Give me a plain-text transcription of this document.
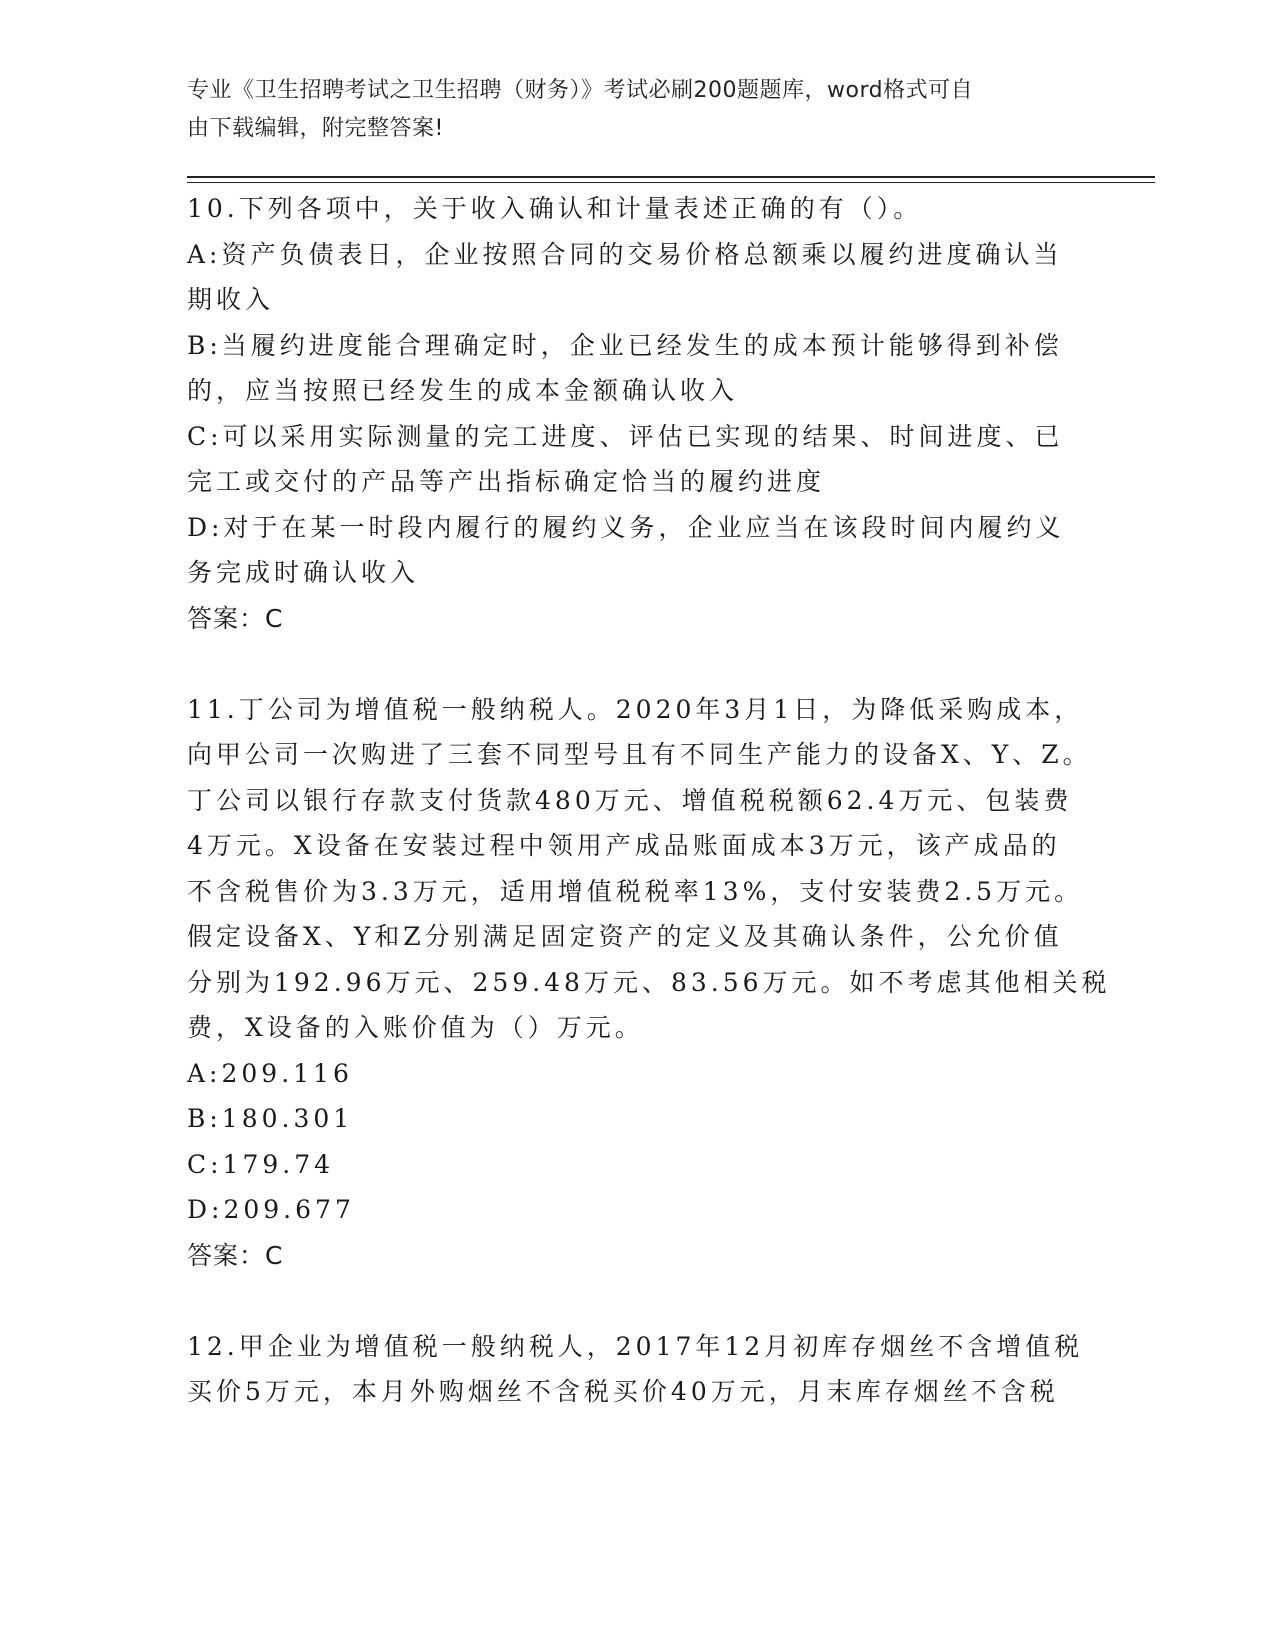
专业《卫生招聘考试之卫生招聘（财务）》考试必刷200题题库，word格式可自
由下载编辑，附完整答案!
10.下列各项中，关于收入确认和计量表述正确的有（）。
A:资产负债表日，企业按照合同的交易价格总额乘以履约进度确认当
期收入
B:当履约进度能合理确定时，企业已经发生的成本预计能够得到补偿
的，应当按照已经发生的成本金额确认收入
C:可以采用实际测量的完工进度、评估已实现的结果、时间进度、已
完工或交付的产品等产出指标确定恰当的履约进度
D:对于在某一时段内履行的履约义务，企业应当在该段时间内履约义
务完成时确认收入
答案：C
11.丁公司为增值税一般纳税人。2020年3月1日，为降低采购成本，
向甲公司一次购进了三套不同型号且有不同生产能力的设备X、Y、Z。
丁公司以银行存款支付货款480万元、增值税税额62.4万元、包装费
4万元。X设备在安装过程中领用产成品账面成本3万元，该产成品的
不含税售价为3.3万元，适用增值税税率13%，支付安装费2.5万元。
假定设备X、Y和Z分别满足固定资产的定义及其确认条件，公允价值
分别为192.96万元、259.48万元、83.56万元。如不考虑其他相关税
费，X设备的入账价值为（）万元。
A:209.116
B:180.301
C:179.74
D:209.677
答案：C
12.甲企业为增值税一般纳税人，2017年12月初库存烟丝不含增值税
买价5万元，本月外购烟丝不含税买价40万元，月末库存烟丝不含税
